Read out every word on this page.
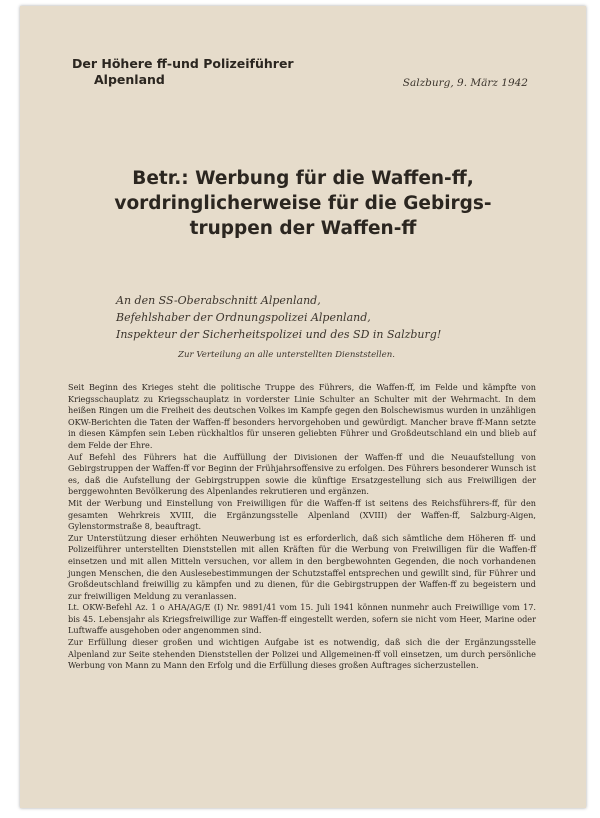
Der Höhere ff-und Polizeiführer
Alpenland	Salzburg, 9. März 1942
Betr.: Werbung für die Waffen-ff,
vordringlicherweise für die Gebirgs-
truppen der Waffen-ff
An den SS-Oberabschnitt Alpenland,
Befehlshaber der Ordnungspolizei Alpenland,
Inspekteur der Sicherheitspolizei und des SD in Salzburg!
Zur Verteilung an alle unterstellten Dienststellen.

Seit Beginn des Krieges steht die politische Truppe des Führers, die Waffen-ff, im Felde und kämpfte von Kriegsschauplatz zu Kriegsschauplatz in vorderster Linie Schulter an Schulter mit der Wehrmacht. In dem heißen Ringen um die Freiheit des deutschen Volkes im Kampfe gegen den Bolschewismus wurden in unzähligen OKW-Berichten die Taten der Waffen-ff besonders hervorgehoben und gewürdigt. Mancher brave ff-Mann setzte in diesen Kämpfen sein Leben rückhaltlos für unseren geliebten Führer und Großdeutschland ein und blieb auf dem Felde der Ehre.

Auf Befehl des Führers hat die Auffüllung der Divisionen der Waffen-ff und die Neuaufstellung von Gebirgstruppen der Waffen-ff vor Beginn der Frühjahrsoffensive zu erfolgen. Des Führers besonderer Wunsch ist es, daß die Aufstellung der Gebirgstruppen sowie die künftige Ersatzgestellung sich aus Freiwilligen der berggewohnten Bevölkerung des Alpenlandes rekrutieren und ergänzen.

Mit der Werbung und Einstellung von Freiwilligen für die Waffen-ff ist seitens des Reichsführers-ff, für den gesamten Wehrkreis XVIII, die Ergänzungsstelle Alpenland (XVIII) der Waffen-ff, Salzburg-Aigen, Gylenstormstraße 8, beauftragt.

Zur Unterstützung dieser erhöhten Neuwerbung ist es erforderlich, daß sich sämtliche dem Höheren ff- und Polizeiführer unterstellten Dienststellen mit allen Kräften für die Werbung von Freiwilligen für die Waffen-ff einsetzen und mit allen Mitteln versuchen, vor allem in den bergbewohnten Gegenden, die noch vorhandenen jungen Menschen, die den Auslesebestimmungen der Schutzstaffel entsprechen und gewillt sind, für Führer und Großdeutschland freiwillig zu kämpfen und zu dienen, für die Gebirgstruppen der Waffen-ff zu begeistern und zur freiwilligen Meldung zu veranlassen.

Lt. OKW-Befehl Az. 1 o AHA/AG/E (I) Nr. 9891/41 vom 15. Juli 1941 können nunmehr auch Freiwillige vom 17. bis 45. Lebensjahr als Kriegsfreiwillige zur Waffen-ff eingestellt werden, sofern sie nicht vom Heer, Marine oder Luftwaffe ausgehoben oder angenommen sind.

Zur Erfüllung dieser großen und wichtigen Aufgabe ist es notwendig, daß sich die der Ergänzungsstelle Alpenland zur Seite stehenden Dienststellen der Polizei und Allgemeinen-ff voll einsetzen, um durch persönliche Werbung von Mann zu Mann den Erfolg und die Erfüllung dieses großen Auftrages sicherzustellen.
